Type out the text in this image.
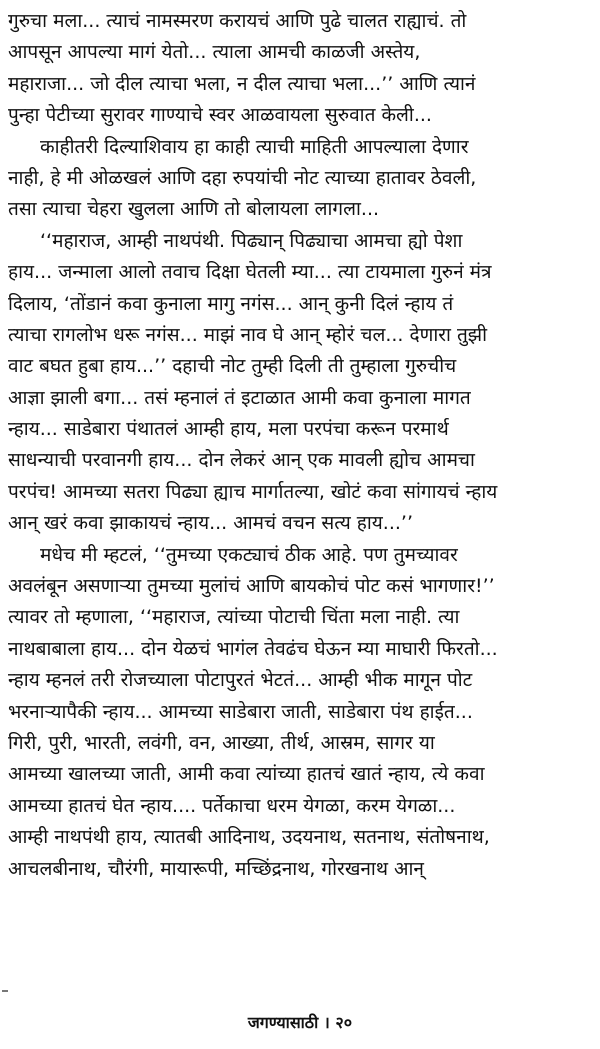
गुरुचा मला... त्याचं नामस्मरण करायचं आणि पुढे चालत राह्याचं. तो
आपसून आपल्या मागं येतो... त्याला आमची काळजी अस्तेय,
महाराजा... जो दील त्याचा भला, न दील त्याचा भला...’’ आणि त्यानं
पुन्हा पेटीच्या सुरावर गाण्याचे स्वर आळवायला सुरुवात केली...
काहीतरी दिल्याशिवाय हा काही त्याची माहिती आपल्याला देणार
नाही, हे मी ओळखलं आणि दहा रुपयांची नोट त्याच्या हातावर ठेवली,
तसा त्याचा चेहरा खुलला आणि तो बोलायला लागला...
‘‘महाराज, आम्ही नाथपंथी. पिढ्यान् पिढ्याचा आमचा ह्यो पेशा
हाय... जन्माला आलो तवाच दिक्षा घेतली म्या... त्या टायमाला गुरुनं मंत्र
दिलाय, ‘तोंडानं कवा कुनाला मागु नगंस... आन् कुनी दिलं न्हाय तं
त्याचा रागलोभ धरू नगंस... माझं नाव घे आन् म्होरं चल... देणारा तुझी
वाट बघत हुबा हाय...’’ दहाची नोट तुम्ही दिली ती तुम्हाला गुरुचीच
आज्ञा झाली बगा... तसं म्हनालं तं इटाळात आमी कवा कुनाला मागत
न्हाय... साडेबारा पंथातलं आम्ही हाय, मला परपंचा करून परमार्थ
साधन्याची परवानगी हाय... दोन लेकरं आन् एक मावली ह्योच आमचा
परपंच! आमच्या सतरा पिढ्या ह्याच मार्गातल्या, खोटं कवा सांगायचं न्हाय
आन् खरं कवा झाकायचं न्हाय... आमचं वचन सत्य हाय...’’
मधेच मी म्हटलं, ‘‘तुमच्या एकट्याचं ठीक आहे. पण तुमच्यावर
अवलंबून असणाऱ्या तुमच्या मुलांचं आणि बायकोचं पोट कसं भागणार!’’
त्यावर तो म्हणाला, ‘‘महाराज, त्यांच्या पोटाची चिंता मला नाही. त्या
नाथबाबाला हाय... दोन येळचं भागंल तेवढंच घेऊन म्या माघारी फिरतो...
न्हाय म्हनलं तरी रोजच्याला पोटापुरतं भेटतं... आम्ही भीक मागून पोट
भरनाऱ्यापैकी न्हाय... आमच्या साडेबारा जाती, साडेबारा पंथ हाईत...
गिरी, पुरी, भारती, लवंगी, वन, आख्या, तीर्थ, आस्रम, सागर या
आमच्या खालच्या जाती, आमी कवा त्यांच्या हातचं खातं न्हाय, त्ये कवा
आमच्या हातचं घेत न्हाय.... पर्तेकाचा धरम येगळा, करम येगळा...
आम्ही नाथपंथी हाय, त्यातबी आदिनाथ, उदयनाथ, सतनाथ, संतोषनाथ,
आचलबीनाथ, चौरंगी, मायारूपी, मच्छिंद्रनाथ, गोरखनाथ आन्
जगण्यासाठी । २०
